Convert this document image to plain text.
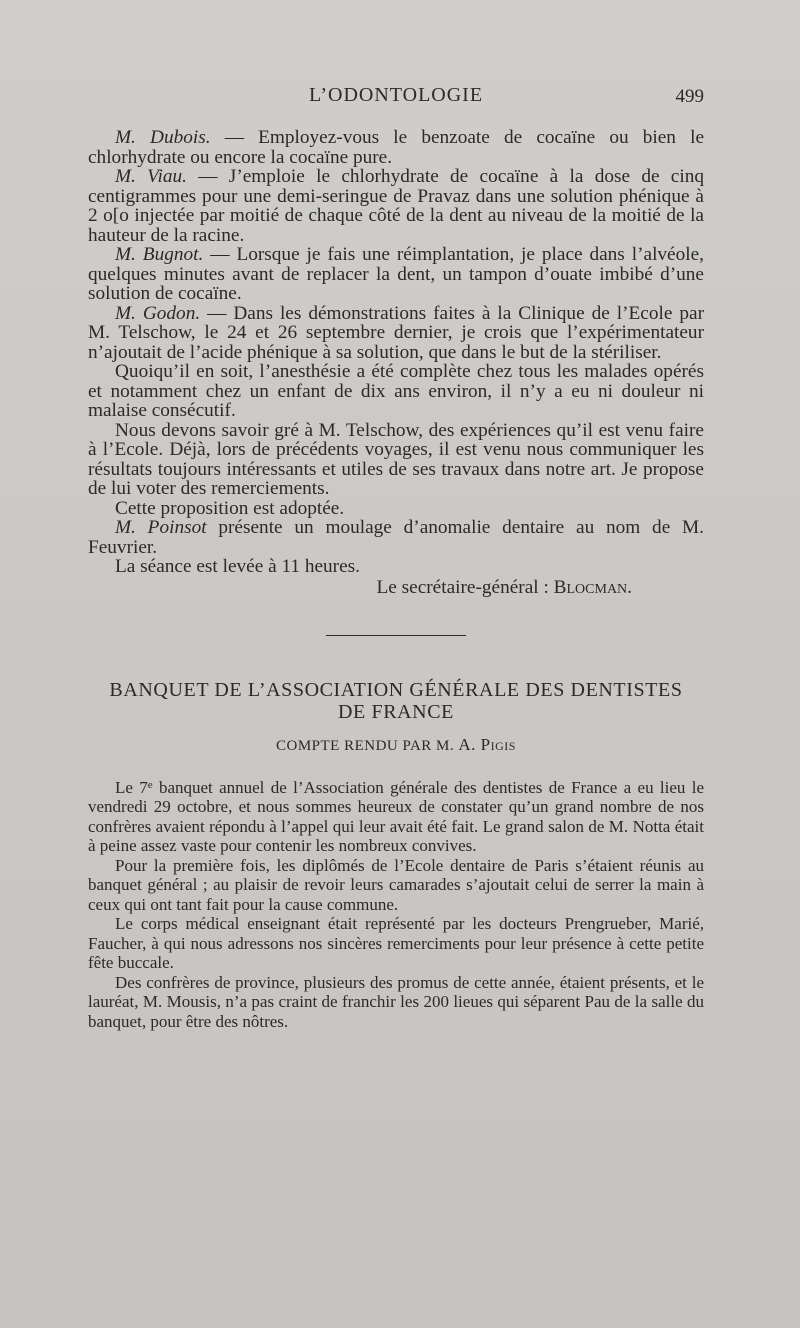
L’ODONTOLOGIE	499

M. Dubois. — Employez-vous le benzoate de cocaïne ou bien le chlorhydrate ou encore la cocaïne pure.

M. Viau. — J’emploie le chlorhydrate de cocaïne à la dose de cinq centigrammes pour une demi-seringue de Pravaz dans une solution phénique à 2 o[o injectée par moitié de chaque côté de la dent au niveau de la moitié de la hauteur de la racine.

M. Bugnot. — Lorsque je fais une réimplantation, je place dans l’alvéole, quelques minutes avant de replacer la dent, un tampon d’ouate imbibé d’une solution de cocaïne.

M. Godon. — Dans les démonstrations faites à la Clinique de l’Ecole par M. Telschow, le 24 et 26 septembre dernier, je crois que l’expérimentateur n’ajoutait de l’acide phénique à sa solution, que dans le but de la stériliser.

Quoiqu’il en soit, l’anesthésie a été complète chez tous les malades opérés et notamment chez un enfant de dix ans environ, il n’y a eu ni douleur ni malaise consécutif.

Nous devons savoir gré à M. Telschow, des expériences qu’il est venu faire à l’Ecole. Déjà, lors de précédents voyages, il est venu nous communiquer les résultats toujours intéressants et utiles de ses travaux dans notre art. Je propose de lui voter des remerciements.

Cette proposition est adoptée.

M. Poinsot présente un moulage d’anomalie dentaire au nom de M. Feuvrier.

La séance est levée à 11 heures.

Le secrétaire-général : Blocman.

BANQUET DE L’ASSOCIATION GÉNÉRALE DES DENTISTES
DE FRANCE

COMPTE RENDU PAR M. A. Pigis

Le 7e banquet annuel de l’Association générale des dentistes de France a eu lieu le vendredi 29 octobre, et nous sommes heureux de constater qu’un grand nombre de nos confrères avaient répondu à l’appel qui leur avait été fait. Le grand salon de M. Notta était à peine assez vaste pour contenir les nombreux convives.

Pour la première fois, les diplômés de l’Ecole dentaire de Paris s’étaient réunis au banquet général ; au plaisir de revoir leurs camarades s’ajoutait celui de serrer la main à ceux qui ont tant fait pour la cause commune.

Le corps médical enseignant était représenté par les docteurs Prengrueber, Marié, Faucher, à qui nous adressons nos sincères remerciments pour leur présence à cette petite fête buccale.

Des confrères de province, plusieurs des promus de cette année, étaient présents, et le lauréat, M. Mousis, n’a pas craint de franchir les 200 lieues qui séparent Pau de la salle du banquet, pour être des nôtres.
